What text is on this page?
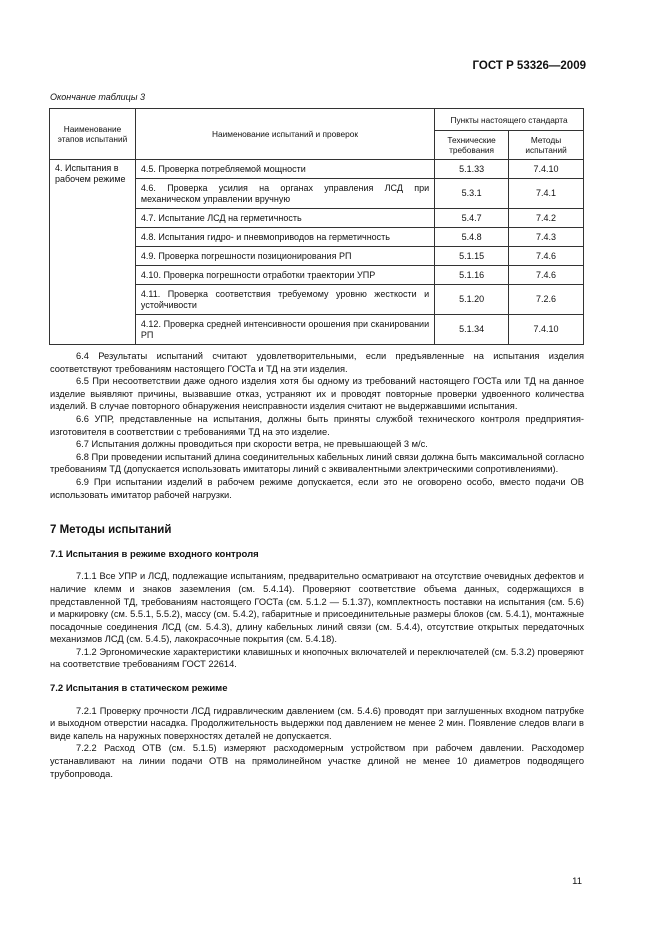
ГОСТ Р 53326—2009
Окончание таблицы 3
Наименование этапов испытаний	Наименование испытаний и проверок	Пункты настоящего стандарта	
		Технические требования	Методы испытаний
4. Испытания в рабочем режиме	4.5. Проверка потребляемой мощности	5.1.33	7.4.10
	4.6. Проверка усилия на органах управления ЛСД при механическом управлении вручную	5.3.1	7.4.1
	4.7. Испытание ЛСД на герметичность	5.4.7	7.4.2
	4.8. Испытания гидро- и пневмоприводов на герметичность	5.4.8	7.4.3
	4.9. Проверка погрешности позиционирования РП	5.1.15	7.4.6
	4.10. Проверка погрешности отработки траектории УПР	5.1.16	7.4.6
	4.11. Проверка соответствия требуемому уровню жесткости и устойчивости	5.1.20	7.2.6
	4.12. Проверка средней интенсивности орошения при сканировании РП	5.1.34	7.4.10

6.4 Результаты испытаний считают удовлетворительными, если предъявленные на испытания изделия соответствуют требованиям настоящего ГОСТа и ТД на эти изделия.

6.5 При несоответствии даже одного изделия хотя бы одному из требований настоящего ГОСТа или ТД на данное изделие выявляют причины, вызвавшие отказ, устраняют их и проводят повторные проверки удвоенного количества изделий. В случае повторного обнаружения неисправности изделия считают не выдержавшими испытания.

6.6 УПР, представленные на испытания, должны быть приняты службой технического контроля предприятия-изготовителя в соответствии с требованиями ТД на это изделие.

6.7 Испытания должны проводиться при скорости ветра, не превышающей 3 м/с.

6.8 При проведении испытаний длина соединительных кабельных линий связи должна быть максимальной согласно требованиям ТД (допускается использовать имитаторы линий с эквивалентными электрическими сопротивлениями).

6.9 При испытании изделий в рабочем режиме допускается, если это не оговорено особо, вместо подачи ОВ использовать имитатор рабочей нагрузки.

7 Методы испытаний
7.1 Испытания в режиме входного контроля

7.1.1 Все УПР и ЛСД, подлежащие испытаниям, предварительно осматривают на отсутствие очевидных дефектов и наличие клемм и знаков заземления (см. 5.4.14). Проверяют соответствие объема данных, содержащихся в представленной ТД, требованиям настоящего ГОСТа (см. 5.1.2 — 5.1.37), комплектность поставки на испытания (см. 5.6) и маркировку (см. 5.5.1, 5.5.2), массу (см. 5.4.2), габаритные и присоединительные размеры блоков (см. 5.4.1), монтажные посадочные соединения ЛСД (см. 5.4.3), длину кабельных линий связи (см. 5.4.4), отсутствие открытых передаточных механизмов ЛСД (см. 5.4.5), лакокрасочные покрытия (см. 5.4.18).

7.1.2 Эргономические характеристики клавишных и кнопочных включателей и переключателей (см. 5.3.2) проверяют на соответствие требованиям ГОСТ 22614.

7.2 Испытания в статическом режиме

7.2.1 Проверку прочности ЛСД гидравлическим давлением (см. 5.4.6) проводят при заглушенных входном патрубке и выходном отверстии насадка. Продолжительность выдержки под давлением не менее 2 мин. Появление следов влаги в виде капель на наружных поверхностях деталей не допускается.

7.2.2 Расход ОТВ (см. 5.1.5) измеряют расходомерным устройством при рабочем давлении. Расходомер устанавливают на линии подачи ОТВ на прямолинейном участке длиной не менее 10 диаметров подводящего трубопровода.

11
